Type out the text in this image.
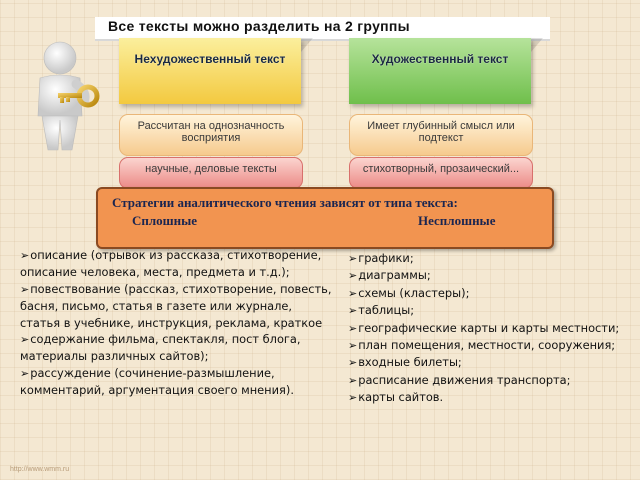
Все тексты можно разделить на 2 группы
Нехудожественный текст	Художественный текст
Рассчитан на однозначность восприятия
Имеет глубинный смысл или подтекст
научные, деловые тексты	стихотворный, прозаический...
Стратегии аналитического чтения зависят от типа текста:
Сплошные	Несплошные
➢описание (отрывок из рассказа, стихотворение, описание человека, места, предмета и т.д.);
➢повествование (рассказ, стихотворение, повесть, басня, письмо, статья в газете или журнале, статья в учебнике, инструкция, реклама, краткое
➢содержание фильма, спектакля, пост блога, материалы различных сайтов);
➢рассуждение (сочинение-размышление, комментарий, аргументация своего мнения).
➢графики;
➢диаграммы;
➢схемы (кластеры);
➢таблицы;
➢географические карты и карты местности;
➢план помещения, местности, сооружения;
➢входные билеты;
➢расписание движения транспорта;
➢карты сайтов.
http://www.wmm.ru
